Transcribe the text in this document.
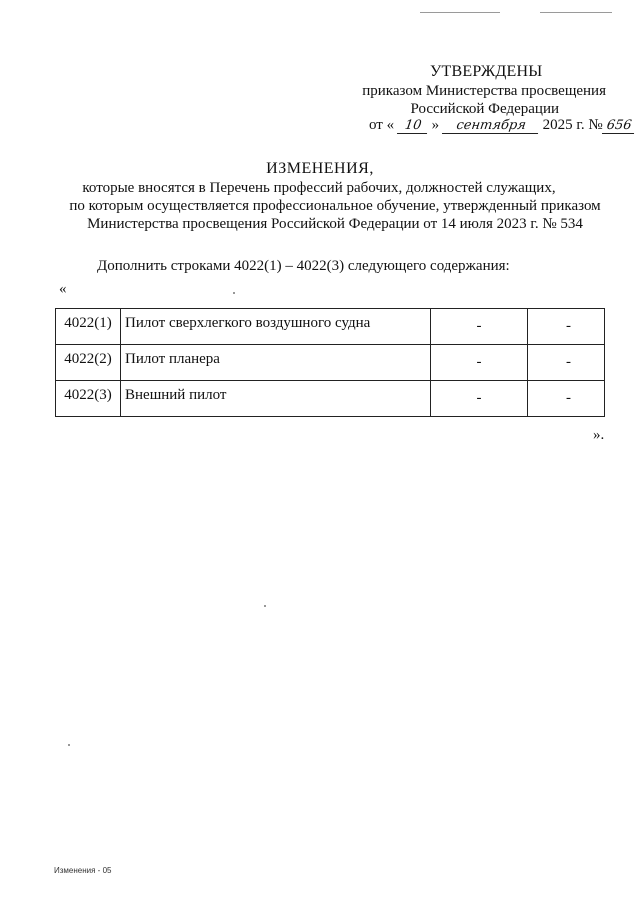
УТВЕРЖДЕНЫ
приказом Министерства просвещения
Российской Федерации
от « 10 » сентября 2025 г. № 656
ИЗМЕНЕНИЯ,
которые вносятся в Перечень профессий рабочих, должностей служащих,
по которым осуществляется профессиональное обучение, утвержденный приказом
Министерства просвещения Российской Федерации от 14 июля 2023 г. № 534
Дополнить строками 4022(1) – 4022(3) следующего содержания:
«
4022(1)	Пилот сверхлегкого воздушного судна	-	-
4022(2)	Пилот планера	-	-
4022(3)	Внешний пилот	-	-
».
Изменения - 05
